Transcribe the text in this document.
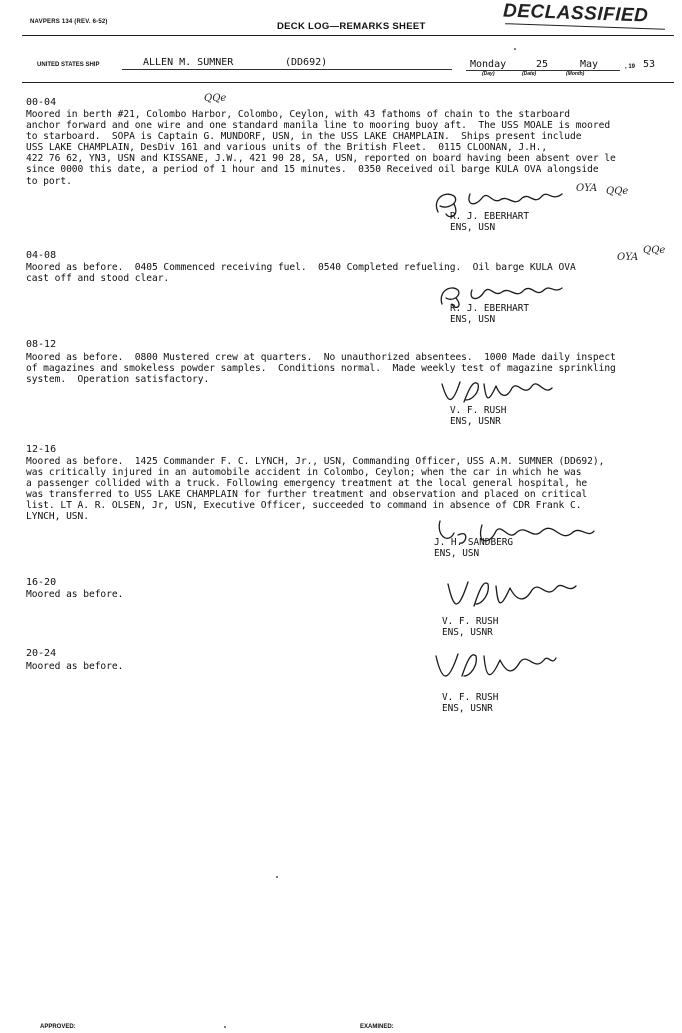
NAVPERS 134 (REV. 6-52)	DECK LOG—REMARKS SHEET	DECLASSIFIED
UNITED STATES SHIP	ALLEN M. SUMNER	(DD692)	Monday	25	May
(Day)	(Date)	(Month)
, 19 53
00-04
Moored in berth #21, Colombo Harbor, Colombo, Ceylon, with 43 fathoms of chain to the starboard
anchor forward and one wire and one standard manila line to mooring buoy aft.  The USS MOALE is moored
to starboard.  SOPA is Captain G. MUNDORF, USN, in the USS LAKE CHAMPLAIN.  Ships present include
USS LAKE CHAMPLAIN, DesDiv 161 and various units of the British Fleet.  0115 CLOONAN, J.H.,
422 76 62, YN3, USN and KISSANE, J.W., 421 90 28, SA, USN, reported on board having been absent over le
since 0000 this date, a period of 1 hour and 15 minutes.  0350 Received oil barge KULA OVA alongside
to port.
R. J. EBERHART
ENS, USN
04-08
Moored as before.  0405 Commenced receiving fuel.  0540 Completed refueling.  Oil barge KULA OVA
cast off and stood clear.
R. J. EBERHART
ENS, USN
08-12
Moored as before.  0800 Mustered crew at quarters.  No unauthorized absentees.  1000 Made daily inspect
of magazines and smokeless powder samples.  Conditions normal.  Made weekly test of magazine sprinkling
system.  Operation satisfactory.
V. F. RUSH
ENS, USNR
12-16
Moored as before.  1425 Commander F. C. LYNCH, Jr., USN, Commanding Officer, USS A.M. SUMNER (DD692),
was critically injured in an automobile accident in Colombo, Ceylon; when the car in which he was
a passenger collided with a truck. Following emergency treatment at the local general hospital, he
was transferred to USS LAKE CHAMPLAIN for further treatment and observation and placed on critical
list. LT A. R. OLSEN, Jr, USN, Executive Officer, succeeded to command in absence of CDR Frank C.
LYNCH, USN.
J. H. SANDBERG
ENS, USN
16-20
Moored as before.
V. F. RUSH
ENS, USNR
20-24
Moored as before.
V. F. RUSH
ENS, USNR
QQe
OYA QQe
OYA
QQe
APPROVED:	EXAMINED:
